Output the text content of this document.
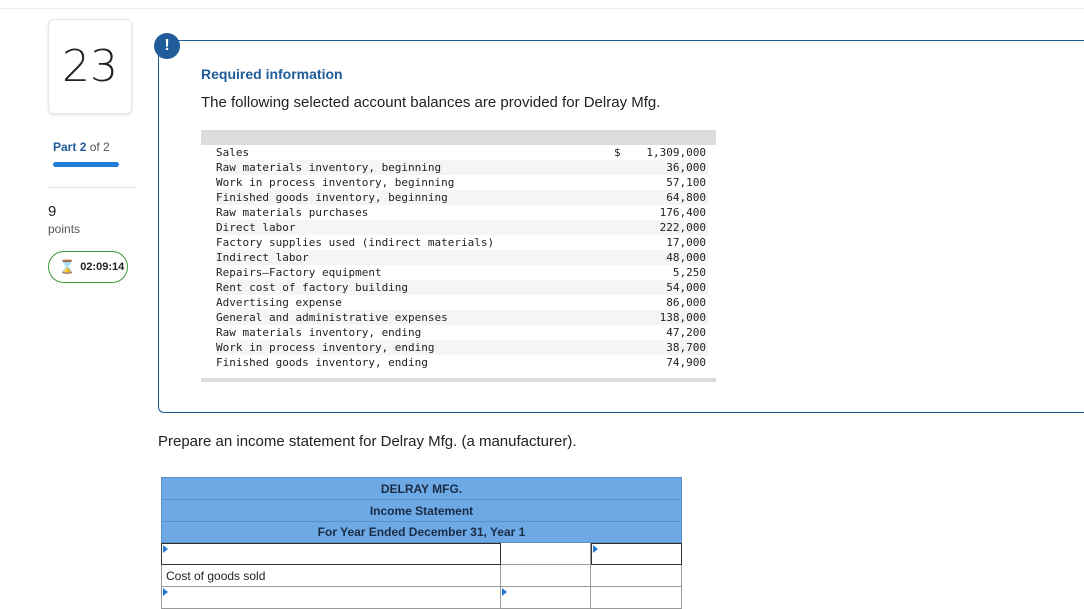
23
Part 2 of 2
9
points
⌛ 02:09:14
!
Required information
The following selected account balances are provided for Delray Mfg.
Sales	$	1,309,000
Raw materials inventory, beginning	36,000
Work in process inventory, beginning	57,100
Finished goods inventory, beginning	64,800
Raw materials purchases	176,400
Direct labor	222,000
Factory supplies used (indirect materials)	17,000
Indirect labor	48,000
Repairs—Factory equipment	5,250
Rent cost of factory building	54,000
Advertising expense	86,000
General and administrative expenses	138,000
Raw materials inventory, ending	47,200
Work in process inventory, ending	38,700
Finished goods inventory, ending	74,900
Prepare an income statement for Delray Mfg. (a manufacturer).
DELRAY MFG.
Income Statement
For Year Ended December 31, Year 1
Cost of goods sold
